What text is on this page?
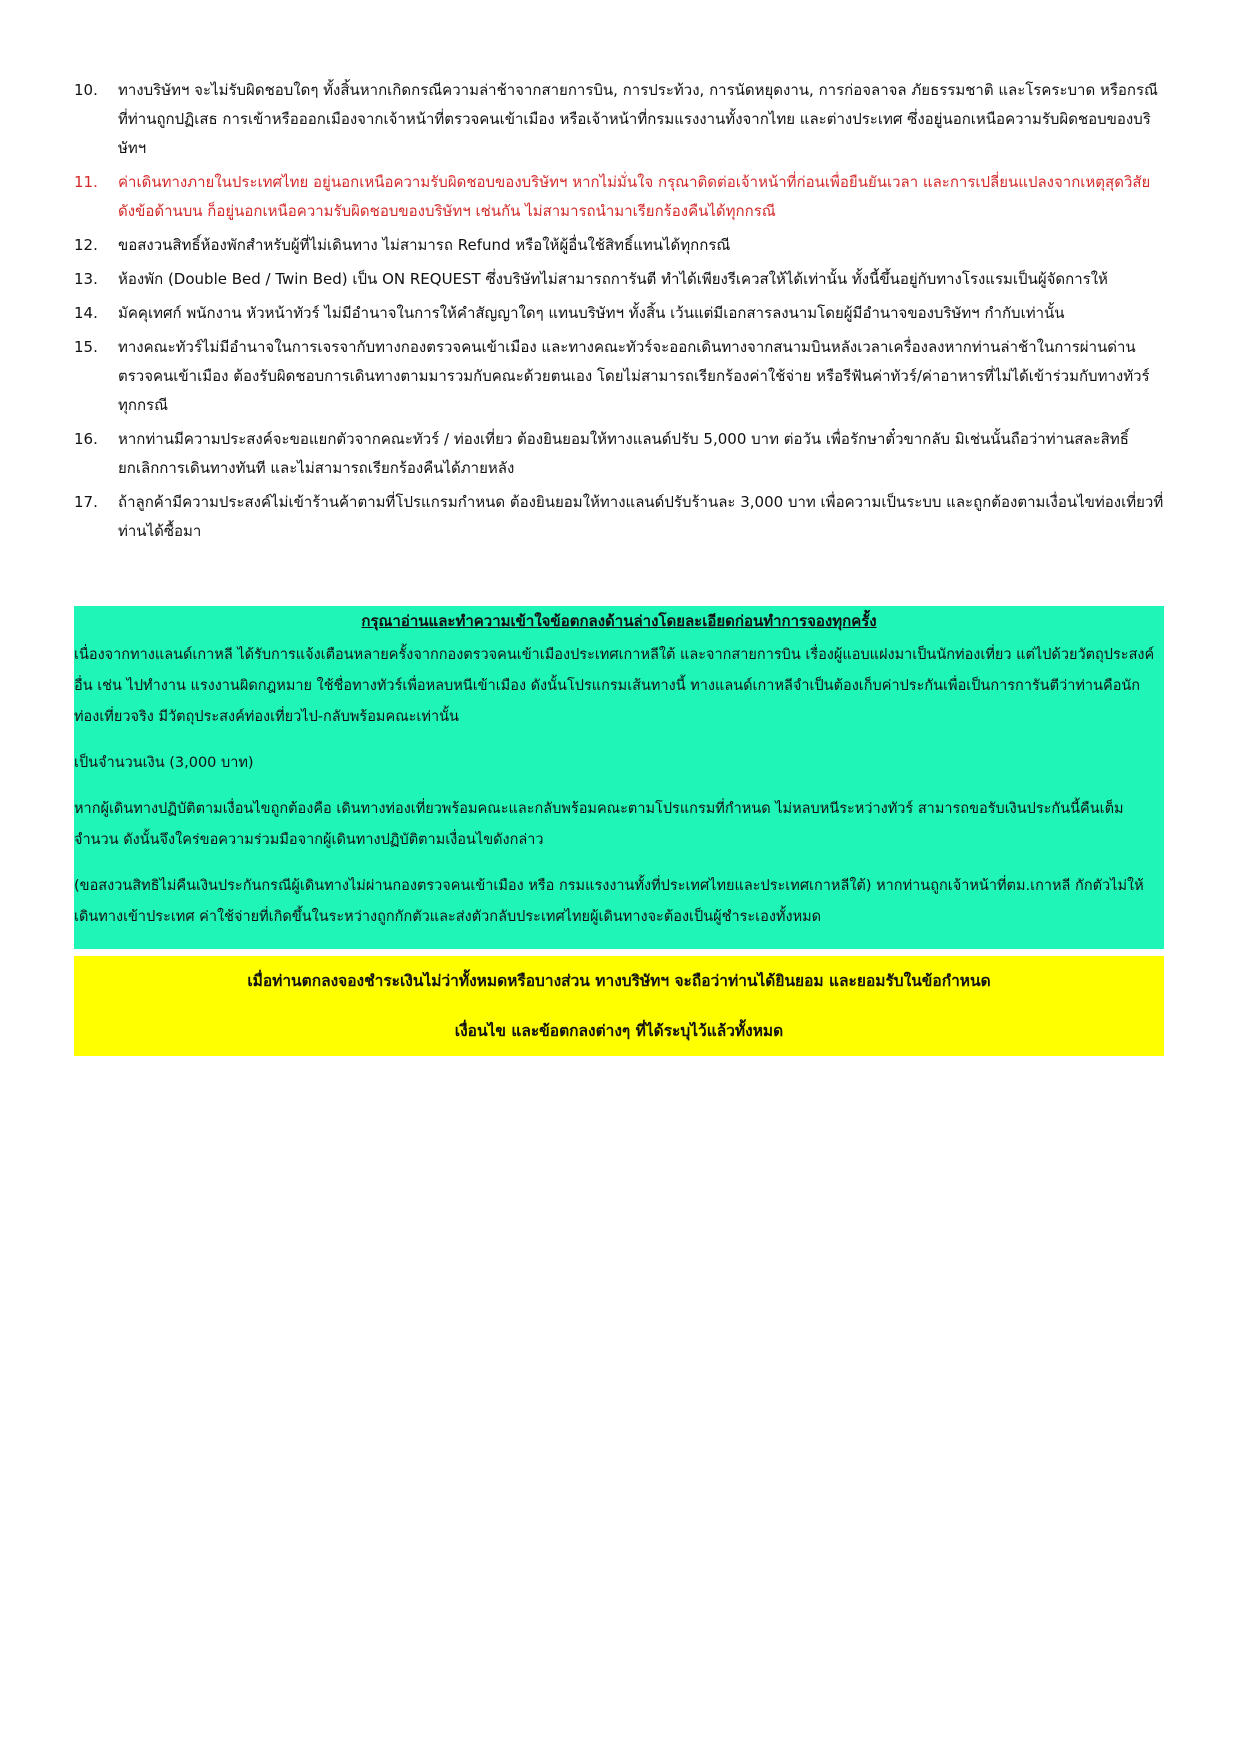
10.	ทางบริษัทฯ จะไม่รับผิดชอบใดๆ ทั้งสิ้นหากเกิดกรณีความล่าช้าจากสายการบิน, การประท้วง, การนัดหยุดงาน, การก่อจลาจล ภัยธรรมชาติ และโรคระบาด หรือกรณีที่ท่านถูกปฏิเสธ การเข้าหรือออกเมืองจากเจ้าหน้าที่ตรวจคนเข้าเมือง หรือเจ้าหน้าที่กรมแรงงานทั้งจากไทย และต่างประเทศ ซึ่งอยู่นอกเหนือความรับผิดชอบของบริษัทฯ
11.	ค่าเดินทางภายในประเทศไทย อยู่นอกเหนือความรับผิดชอบของบริษัทฯ หากไม่มั่นใจ กรุณาติดต่อเจ้าหน้าที่ก่อนเพื่อยืนยันเวลา และการเปลี่ยนแปลงจากเหตุสุดวิสัยดังข้อด้านบน ก็อยู่นอกเหนือความรับผิดชอบของบริษัทฯ เช่นกัน ไม่สามารถนำมาเรียกร้องคืนได้ทุกกรณี
12.	ขอสงวนสิทธิ์ห้องพักสำหรับผู้ที่ไม่เดินทาง ไม่สามารถ Refund หรือให้ผู้อื่นใช้สิทธิ์แทนได้ทุกกรณี
13.	ห้องพัก (Double Bed / Twin Bed) เป็น ON REQUEST ซึ่งบริษัทไม่สามารถการันตี ทำได้เพียงรีเควสให้ได้เท่านั้น ทั้งนี้ขึ้นอยู่กับทางโรงแรมเป็นผู้จัดการให้
14.	มัคคุเทศก์ พนักงาน หัวหน้าทัวร์ ไม่มีอำนาจในการให้คำสัญญาใดๆ แทนบริษัทฯ ทั้งสิ้น เว้นแต่มีเอกสารลงนามโดยผู้มีอำนาจของบริษัทฯ กำกับเท่านั้น
15.	ทางคณะทัวร์ไม่มีอำนาจในการเจรจากับทางกองตรวจคนเข้าเมือง และทางคณะทัวร์จะออกเดินทางจากสนามบินหลังเวลาเครื่องลงหากท่านล่าช้าในการผ่านด่านตรวจคนเข้าเมือง ต้องรับผิดชอบการเดินทางตามมารวมกับคณะด้วยตนเอง โดยไม่สามารถเรียกร้องค่าใช้จ่าย หรือรีฟันค่าทัวร์/ค่าอาหารที่ไม่ได้เข้าร่วมกับทางทัวร์ทุกกรณี
16.	หากท่านมีความประสงค์จะขอแยกตัวจากคณะทัวร์ / ท่องเที่ยว ต้องยินยอมให้ทางแลนด์ปรับ 5,000 บาท ต่อวัน เพื่อรักษาตั๋วขากลับ มิเช่นนั้นถือว่าท่านสละสิทธิ์ยกเลิกการเดินทางทันที และไม่สามารถเรียกร้องคืนได้ภายหลัง
17.	ถ้าลูกค้ามีความประสงค์ไม่เข้าร้านค้าตามที่โปรแกรมกำหนด ต้องยินยอมให้ทางแลนด์ปรับร้านละ 3,000 บาท เพื่อความเป็นระบบ และถูกต้องตามเงื่อนไขท่องเที่ยวที่ท่านได้ซื้อมา
กรุณาอ่านและทำความเข้าใจข้อตกลงด้านล่างโดยละเอียดก่อนทำการจองทุกครั้ง

เนื่องจากทางแลนด์เกาหลี ได้รับการแจ้งเตือนหลายครั้งจากกองตรวจคนเข้าเมืองประเทศเกาหลีใต้ และจากสายการบิน เรื่องผู้แอบแฝงมาเป็นนักท่องเที่ยว แต่ไปด้วยวัตถุประสงค์อื่น เช่น ไปทำงาน แรงงานผิดกฎหมาย ใช้ชื่อทางทัวร์เพื่อหลบหนีเข้าเมือง ดังนั้นโปรแกรมเส้นทางนี้ ทางแลนด์เกาหลีจำเป็นต้องเก็บค่าประกันเพื่อเป็นการการันตีว่าท่านคือนักท่องเที่ยวจริง มีวัตถุประสงค์ท่องเที่ยวไป-กลับพร้อมคณะเท่านั้น

เป็นจำนวนเงิน (3,000 บาท)

หากผู้เดินทางปฏิบัติตามเงื่อนไขถูกต้องคือ เดินทางท่องเที่ยวพร้อมคณะและกลับพร้อมคณะตามโปรแกรมที่กำหนด ไม่หลบหนีระหว่างทัวร์ สามารถขอรับเงินประกันนี้คืนเต็มจำนวน ดังนั้นจึงใคร่ขอความร่วมมือจากผู้เดินทางปฏิบัติตามเงื่อนไขดังกล่าว

(ขอสงวนสิทธิไม่คืนเงินประกันกรณีผู้เดินทางไม่ผ่านกองตรวจคนเข้าเมือง หรือ กรมแรงงานทั้งที่ประเทศไทยและประเทศเกาหลีใต้) หากท่านถูกเจ้าหน้าที่ตม.เกาหลี กักตัวไม่ให้เดินทางเข้าประเทศ ค่าใช้จ่ายที่เกิดขึ้นในระหว่างถูกกักตัวและส่งตัวกลับประเทศไทยผู้เดินทางจะต้องเป็นผู้ชำระเองทั้งหมด

เมื่อท่านตกลงจองชำระเงินไม่ว่าทั้งหมดหรือบางส่วน ทางบริษัทฯ จะถือว่าท่านได้ยินยอม และยอมรับในข้อกำหนด
เงื่อนไข และข้อตกลงต่างๆ ที่ได้ระบุไว้แล้วทั้งหมด
